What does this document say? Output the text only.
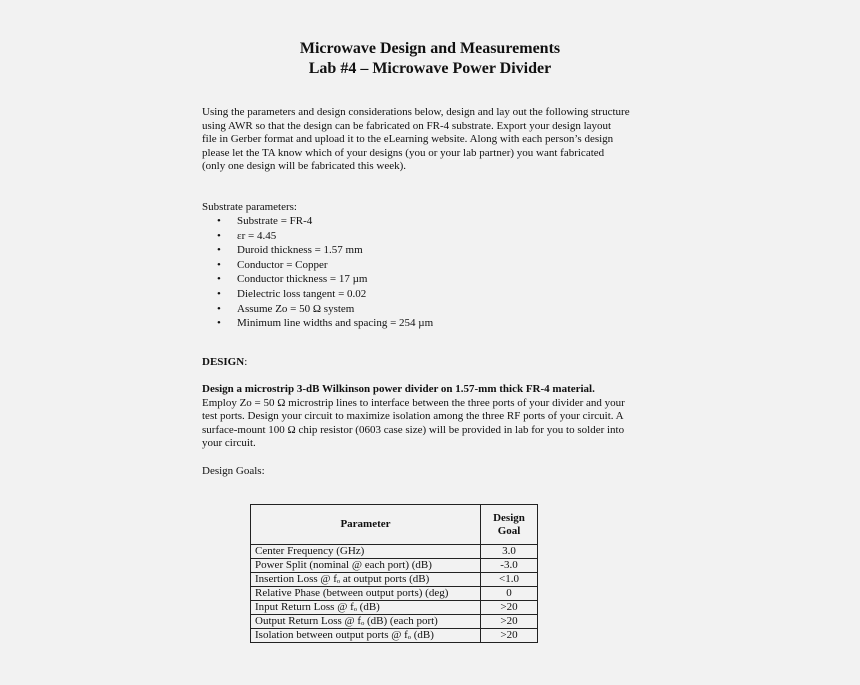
Microwave Design and Measurements
Lab #4 – Microwave Power Divider
Using the parameters and design considerations below, design and lay out the following structure
using AWR so that the design can be fabricated on FR-4 substrate. Export your design layout
file in Gerber format and upload it to the eLearning website. Along with each person’s design
please let the TA know which of your designs (you or your lab partner) you want fabricated
(only one design will be fabricated this week).
Substrate parameters:
• Substrate = FR-4
• εr = 4.45
• Duroid thickness = 1.57 mm
• Conductor = Copper
• Conductor thickness = 17 µm
• Dielectric loss tangent = 0.02
• Assume Zo = 50 Ω system
• Minimum line widths and spacing = 254 µm
DESIGN:
Design a microstrip 3-dB Wilkinson power divider on 1.57-mm thick FR-4 material.
Employ Zo = 50 Ω microstrip lines to interface between the three ports of your divider and your
test ports. Design your circuit to maximize isolation among the three RF ports of your circuit. A
surface-mount 100 Ω chip resistor (0603 case size) will be provided in lab for you to solder into
your circuit.
Design Goals:
Parameter	Design
Goal

Center Frequency (GHz)	3.0
Power Split (nominal @ each port) (dB)	-3.0
Insertion Loss @ fₒ at output ports (dB)	<1.0
Relative Phase (between output ports) (deg)	0
Input Return Loss @ fₒ (dB)	>20
Output Return Loss @ fₒ (dB) (each port)	>20
Isolation between output ports @ fₒ (dB)	>20
